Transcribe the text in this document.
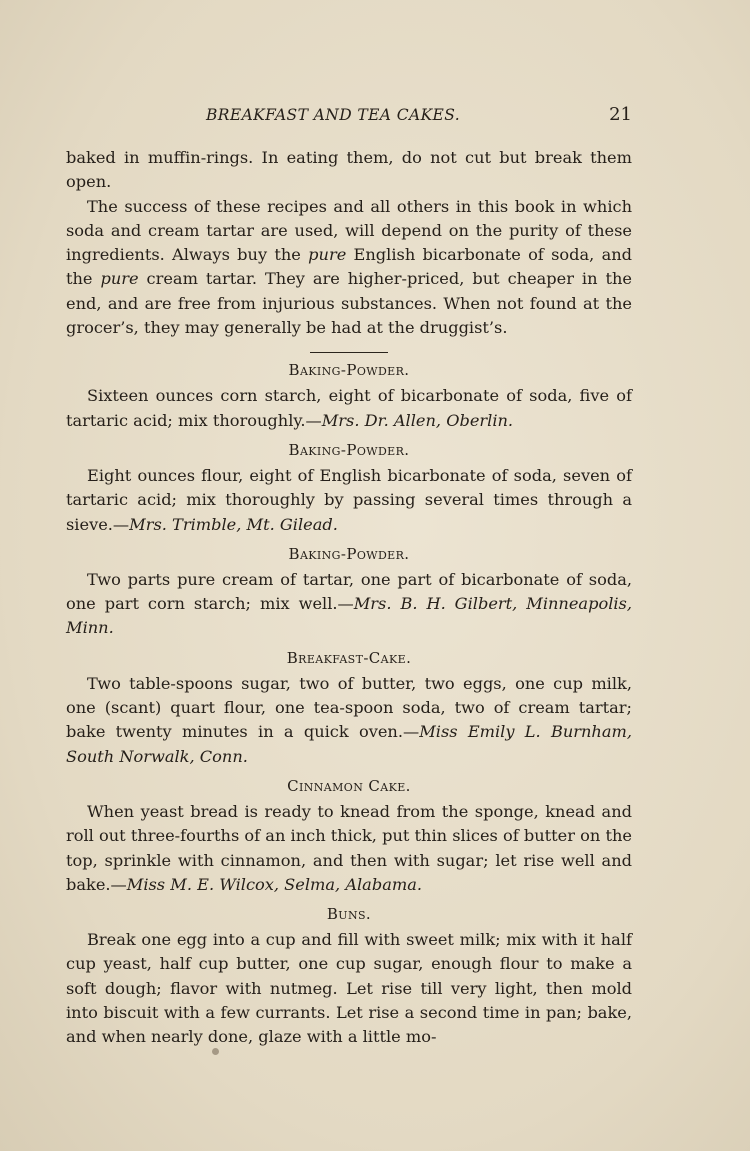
BREAKFAST AND TEA CAKES.	21

baked in muffin-rings. In eating them, do not cut but break them open.

The success of these recipes and all others in this book in which soda and cream tartar are used, will depend on the purity of these ingredients. Always buy the pure English bicarbonate of soda, and the pure cream tartar. They are higher-priced, but cheaper in the end, and are free from injurious substances. When not found at the grocer’s, they may generally be had at the druggist’s.

Baking-Powder.

Sixteen ounces corn starch, eight of bicarbonate of soda, five of tartaric acid; mix thoroughly.—Mrs. Dr. Allen, Oberlin.

Baking-Powder.

Eight ounces flour, eight of English bicarbonate of soda, seven of tartaric acid; mix thoroughly by passing several times through a sieve.—Mrs. Trimble, Mt. Gilead.

Baking-Powder.

Two parts pure cream of tartar, one part of bicarbonate of soda, one part corn starch; mix well.—Mrs. B. H. Gilbert, Minneapolis, Minn.

Breakfast-Cake.

Two table-spoons sugar, two of butter, two eggs, one cup milk, one (scant) quart flour, one tea-spoon soda, two of cream tartar; bake twenty minutes in a quick oven.—Miss Emily L. Burnham, South Norwalk, Conn.

Cinnamon Cake.

When yeast bread is ready to knead from the sponge, knead and roll out three-fourths of an inch thick, put thin slices of butter on the top, sprinkle with cinnamon, and then with sugar; let rise well and bake.—Miss M. E. Wilcox, Selma, Alabama.

Buns.

Break one egg into a cup and fill with sweet milk; mix with it half cup yeast, half cup butter, one cup sugar, enough flour to make a soft dough; flavor with nutmeg. Let rise till very light, then mold into biscuit with a few currants. Let rise a second time in pan; bake, and when nearly done, glaze with a little mo-
